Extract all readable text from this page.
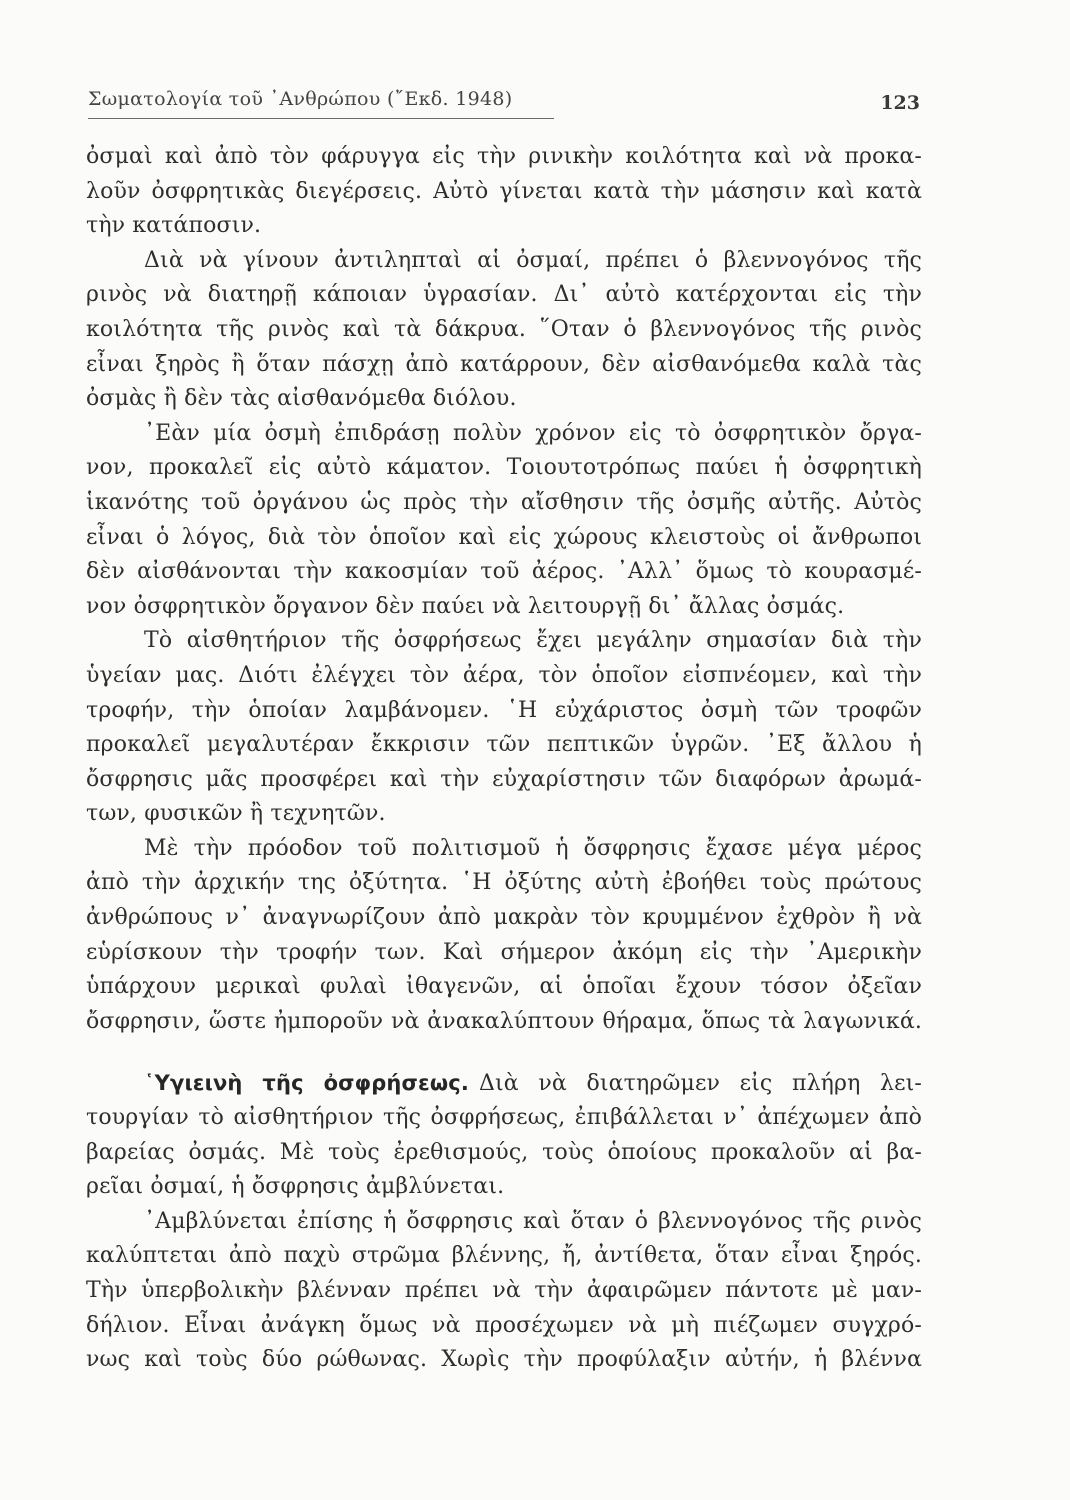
Σωματολογία τοῦ ᾿Ανθρώπου (῎Εκδ. 1948)	123
ὀσμαὶ καὶ ἀπὸ τὸν φάρυγγα εἰς τὴν ρινικὴν κοιλότητα καὶ νὰ προκα-
λοῦν ὀσφρητικὰς διεγέρσεις. Αὐτὸ γίνεται κατὰ τὴν μάσησιν καὶ κατὰ
τὴν κατάποσιν.
Διὰ νὰ γίνουν ἀντιληπταὶ αἱ ὀσμαί, πρέπει ὁ βλεννογόνος τῆς
ρινὸς νὰ διατηρῇ κάποιαν ὑγρασίαν. Δι᾿ αὐτὸ κατέρχονται εἰς τὴν
κοιλότητα τῆς ρινὸς καὶ τὰ δάκρυα. ῞Οταν ὁ βλεννογόνος τῆς ρινὸς
εἶναι ξηρὸς ἢ ὅταν πάσχῃ ἀπὸ κατάρρουν, δὲν αἰσθανόμεθα καλὰ τὰς
ὀσμὰς ἢ δὲν τὰς αἰσθανόμεθα διόλου.
᾿Εὰν μία ὀσμὴ ἐπιδράσῃ πολὺν χρόνον εἰς τὸ ὀσφρητικὸν ὄργα-
νον, προκαλεῖ εἰς αὐτὸ κάματον. Τοιουτοτρόπως παύει ἡ ὀσφρητικὴ
ἱκανότης τοῦ ὀργάνου ὡς πρὸς τὴν αἴσθησιν τῆς ὀσμῆς αὐτῆς. Αὐτὸς
εἶναι ὁ λόγος, διὰ τὸν ὁποῖον καὶ εἰς χώρους κλειστοὺς οἱ ἄνθρωποι
δὲν αἰσθάνονται τὴν κακοσμίαν τοῦ ἀέρος. ᾿Αλλ᾿ ὅμως τὸ κουρασμέ-
νον ὀσφρητικὸν ὄργανον δὲν παύει νὰ λειτουργῇ δι᾿ ἄλλας ὀσμάς.
Τὸ αἰσθητήριον τῆς ὀσφρήσεως ἔχει μεγάλην σημασίαν διὰ τὴν
ὑγείαν μας. Διότι ἐλέγχει τὸν ἀέρα, τὸν ὁποῖον εἰσπνέομεν, καὶ τὴν
τροφήν, τὴν ὁποίαν λαμβάνομεν. ῾Η εὐχάριστος ὀσμὴ τῶν τροφῶν
προκαλεῖ μεγαλυτέραν ἔκκρισιν τῶν πεπτικῶν ὑγρῶν. ᾿Εξ ἄλλου ἡ
ὄσφρησις μᾶς προσφέρει καὶ τὴν εὐχαρίστησιν τῶν διαφόρων ἀρωμά-
των, φυσικῶν ἢ τεχνητῶν.
Μὲ τὴν πρόοδον τοῦ πολιτισμοῦ ἡ ὄσφρησις ἔχασε μέγα μέρος
ἀπὸ τὴν ἀρχικήν της ὀξύτητα. ῾Η ὀξύτης αὐτὴ ἐβοήθει τοὺς πρώτους
ἀνθρώπους ν᾿ ἀναγνωρίζουν ἀπὸ μακρὰν τὸν κρυμμένον ἐχθρὸν ἢ νὰ
εὑρίσκουν τὴν τροφήν των. Καὶ σήμερον ἀκόμη εἰς τὴν ᾿Αμερικὴν
ὑπάρχουν μερικαὶ φυλαὶ ἰθαγενῶν, αἱ ὁποῖαι ἔχουν τόσον ὀξεῖαν
ὄσφρησιν, ὥστε ἠμποροῦν νὰ ἀνακαλύπτουν θήραμα, ὅπως τὰ λαγωνικά.
῾Υγιεινὴ τῆς ὀσφρήσεως. Διὰ νὰ διατηρῶμεν εἰς πλήρη λει-
τουργίαν τὸ αἰσθητήριον τῆς ὀσφρήσεως, ἐπιβάλλεται ν᾿ ἀπέχωμεν ἀπὸ
βαρείας ὀσμάς. Μὲ τοὺς ἐρεθισμούς, τοὺς ὁποίους προκαλοῦν αἱ βα-
ρεῖαι ὀσμαί, ἡ ὄσφρησις ἀμβλύνεται.
᾿Αμβλύνεται ἐπίσης ἡ ὄσφρησις καὶ ὅταν ὁ βλεννογόνος τῆς ρινὸς
καλύπτεται ἀπὸ παχὺ στρῶμα βλέννης, ἤ, ἀντίθετα, ὅταν εἶναι ξηρός.
Τὴν ὑπερβολικὴν βλένναν πρέπει νὰ τὴν ἀφαιρῶμεν πάντοτε μὲ μαν-
δήλιον. Εἶναι ἀνάγκη ὅμως νὰ προσέχωμεν νὰ μὴ πιέζωμεν συγχρό-
νως καὶ τοὺς δύο ρώθωνας. Χωρὶς τὴν προφύλαξιν αὐτήν, ἡ βλέννα
